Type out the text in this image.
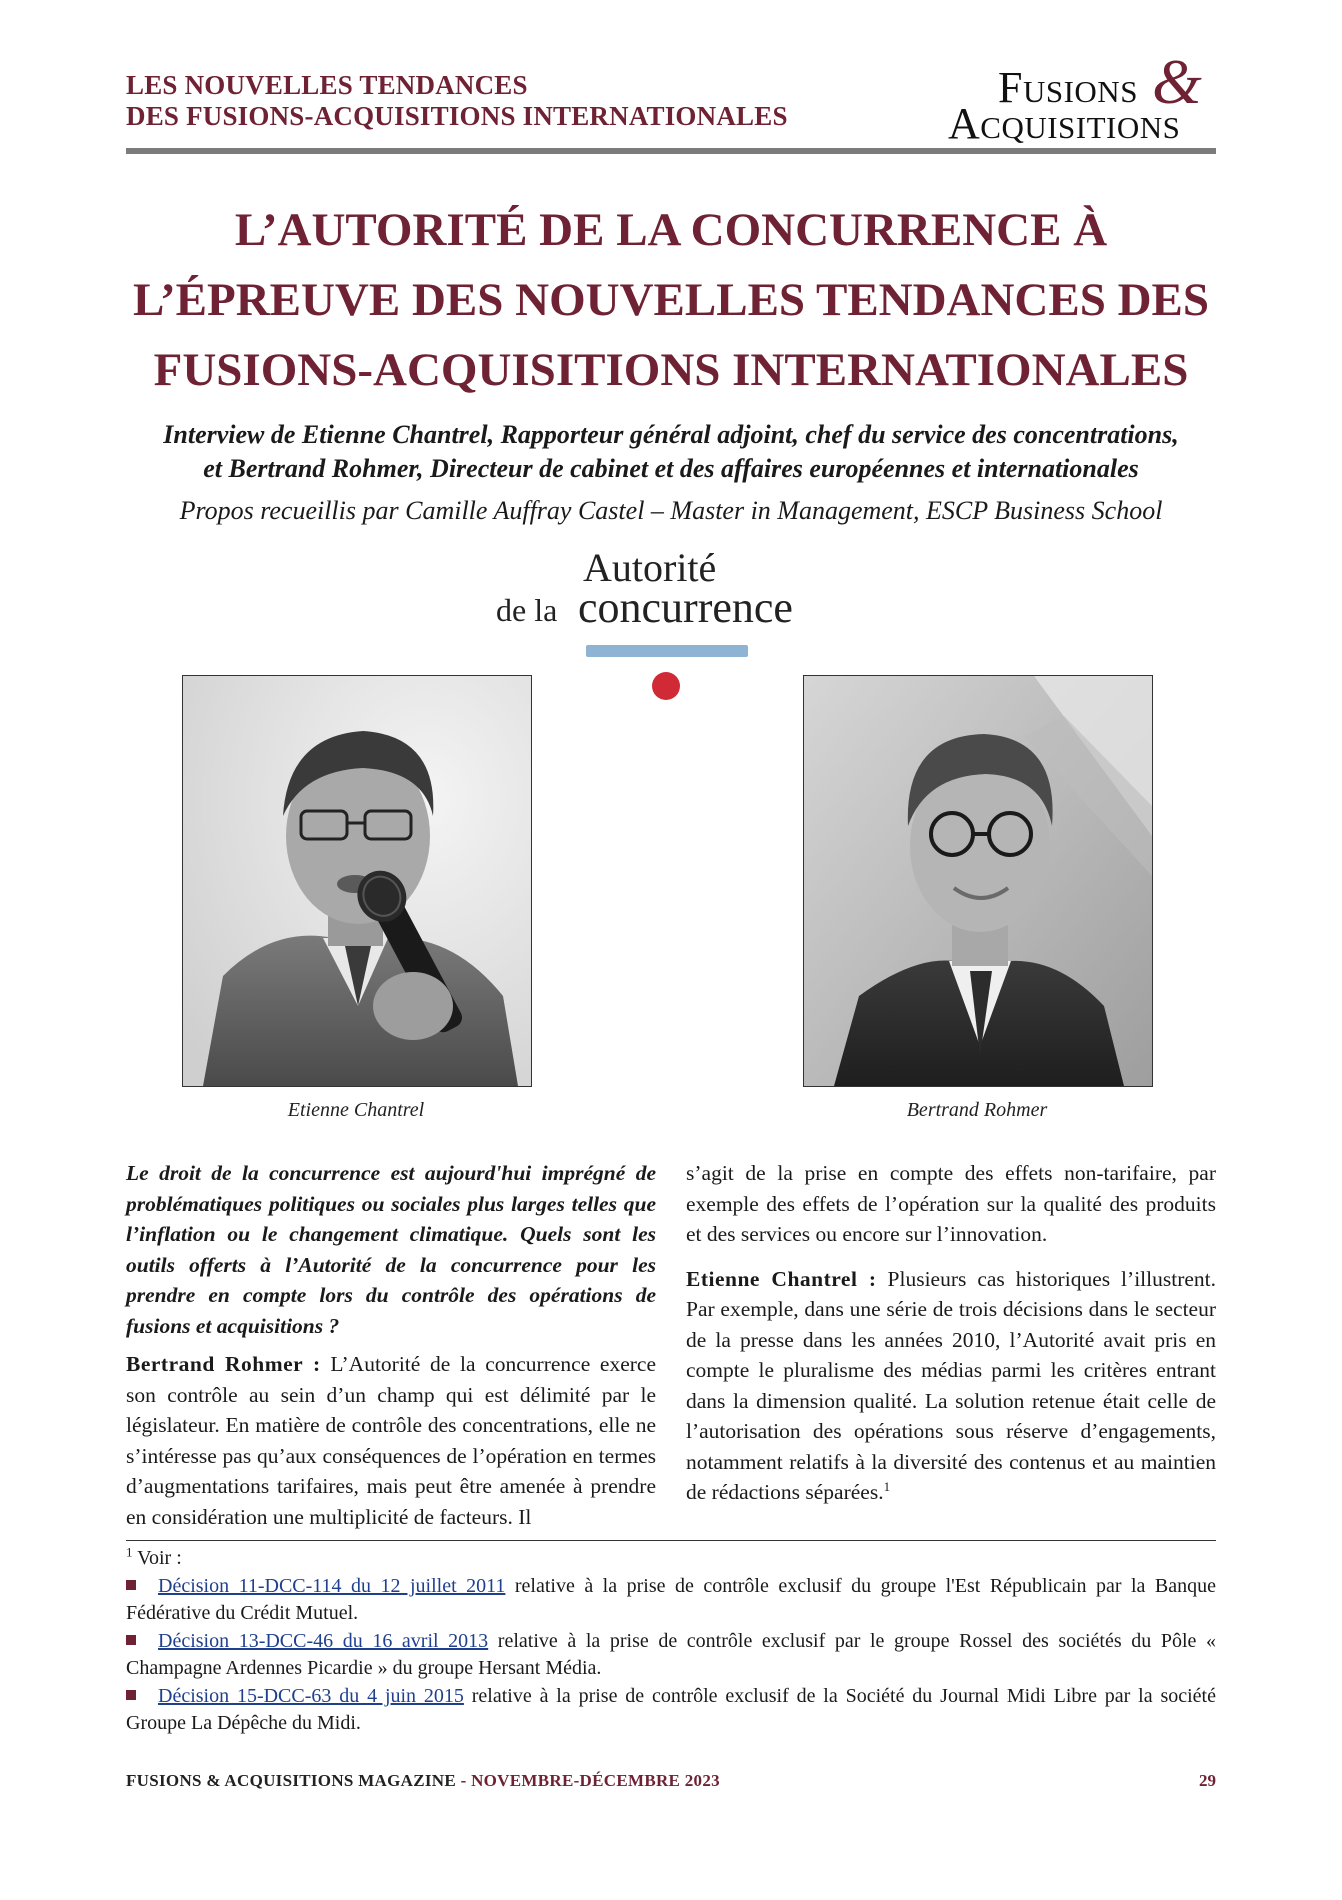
LES NOUVELLES TENDANCES
DES FUSIONS-ACQUISITIONS INTERNATIONALES
Fusions &
Acquisitions
L’AUTORITÉ DE LA CONCURRENCE À
L’ÉPREUVE DES NOUVELLES TENDANCES DES
FUSIONS-ACQUISITIONS INTERNATIONALES
Interview de Etienne Chantrel, Rapporteur général adjoint, chef du service des concentrations,
et Bertrand Rohmer, Directeur de cabinet et des affaires européennes et internationales
Propos recueillis par Camille Auffray Castel – Master in Management, ESCP Business School
Autorité
de la concurrence
Etienne Chantrel	Bertrand Rohmer

Le droit de la concurrence est aujourd'hui imprégné de problématiques politiques ou sociales plus larges telles que l’inflation ou le changement climatique. Quels sont les outils offerts à l’Autorité de la concurrence pour les prendre en compte lors du contrôle des opérations de fusions et acquisitions ?

Bertrand Rohmer : L’Autorité de la concurrence exerce son contrôle au sein d’un champ qui est délimité par le législateur. En matière de contrôle des concentrations, elle ne s’intéresse pas qu’aux conséquences de l’opération en termes d’augmentations tarifaires, mais peut être amenée à prendre en considération une multiplicité de facteurs. Il

s’agit de la prise en compte des effets non-tarifaire, par exemple des effets de l’opération sur la qualité des produits et des services ou encore sur l’innovation.

Etienne Chantrel : Plusieurs cas historiques l’illustrent. Par exemple, dans une série de trois décisions dans le secteur de la presse dans les années 2010, l’Autorité avait pris en compte le pluralisme des médias parmi les critères entrant dans la dimension qualité. La solution retenue était celle de l’autorisation des opérations sous réserve d’engagements, notamment relatifs à la diversité des contenus et au maintien de rédactions séparées.$^1$

$^1$ Voir :
Décision 11-DCC-114 du 12 juillet 2011 relative à la prise de contrôle exclusif du groupe l'Est Républicain par la Banque Fédérative du Crédit Mutuel.
Décision 13-DCC-46 du 16 avril 2013 relative à la prise de contrôle exclusif par le groupe Rossel des sociétés du Pôle « Champagne Ardennes Picardie » du groupe Hersant Média.
Décision 15-DCC-63 du 4 juin 2015 relative à la prise de contrôle exclusif de la Société du Journal Midi Libre par la société Groupe La Dépêche du Midi.
FUSIONS & ACQUISITIONS MAGAZINE - NOVEMBRE-DÉCEMBRE 2023	29
